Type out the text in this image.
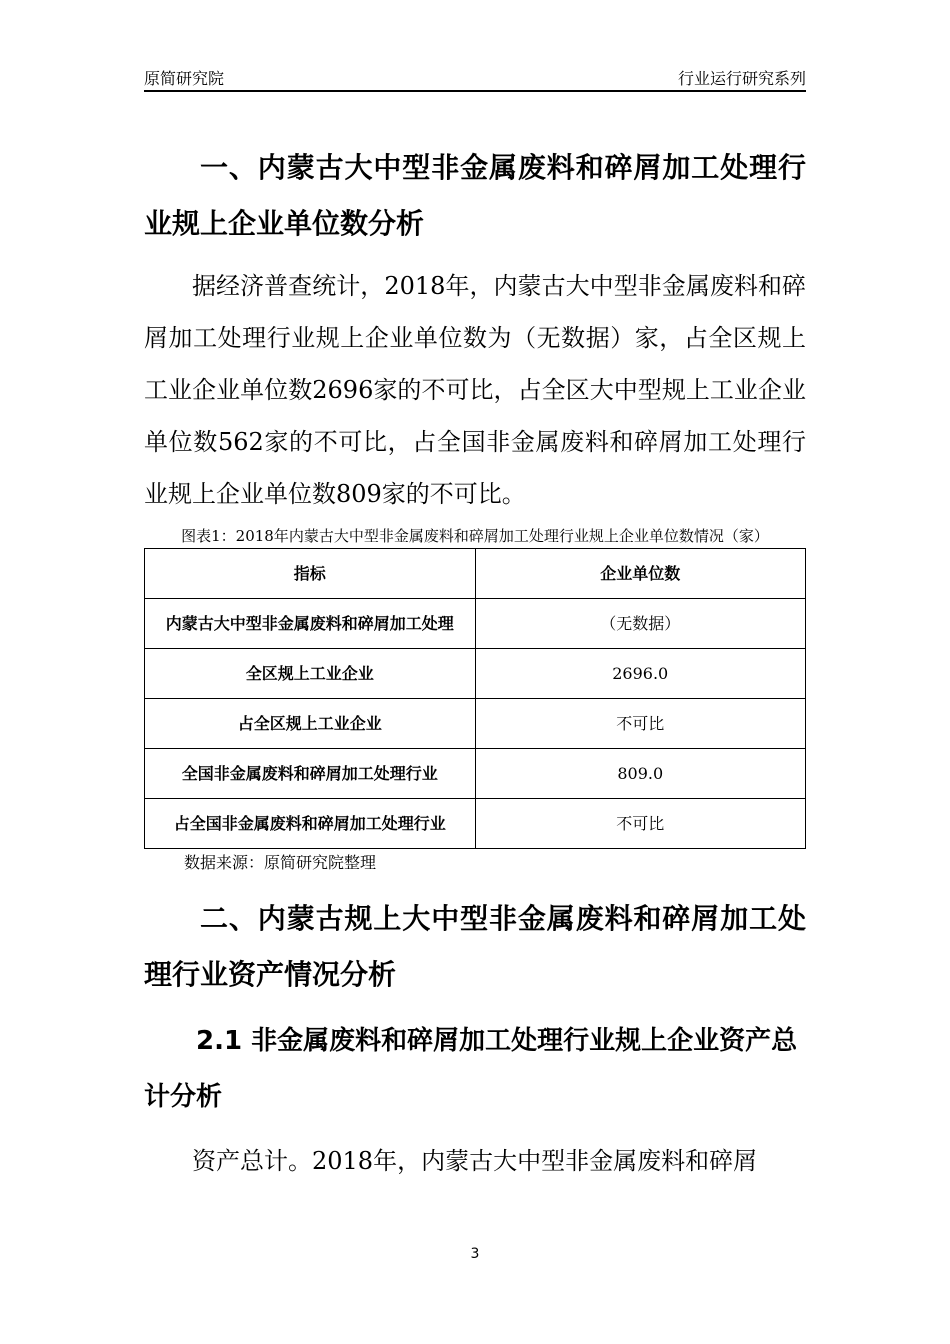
原简研究院	行业运行研究系列
一、内蒙古大中型非金属废料和碎屑加工处理行业规上企业单位数分析

据经济普查统计，2018年，内蒙古大中型非金属废料和碎屑加工处理行业规上企业单位数为（无数据）家，占全区规上工业企业单位数2696家的不可比，占全区大中型规上工业企业单位数562家的不可比，占全国非金属废料和碎屑加工处理行业规上企业单位数809家的不可比。

图表1：2018年内蒙古大中型非金属废料和碎屑加工处理行业规上企业单位数情况（家）
指标	企业单位数
内蒙古大中型非金属废料和碎屑加工处理	（无数据）
全区规上工业企业	2696.0
占全区规上工业企业	不可比
全国非金属废料和碎屑加工处理行业	809.0
占全国非金属废料和碎屑加工处理行业	不可比
数据来源：原简研究院整理
二、内蒙古规上大中型非金属废料和碎屑加工处理行业资产情况分析
2.1 非金属废料和碎屑加工处理行业规上企业资产总计分析

资产总计。2018年，内蒙古大中型非金属废料和碎屑

3
